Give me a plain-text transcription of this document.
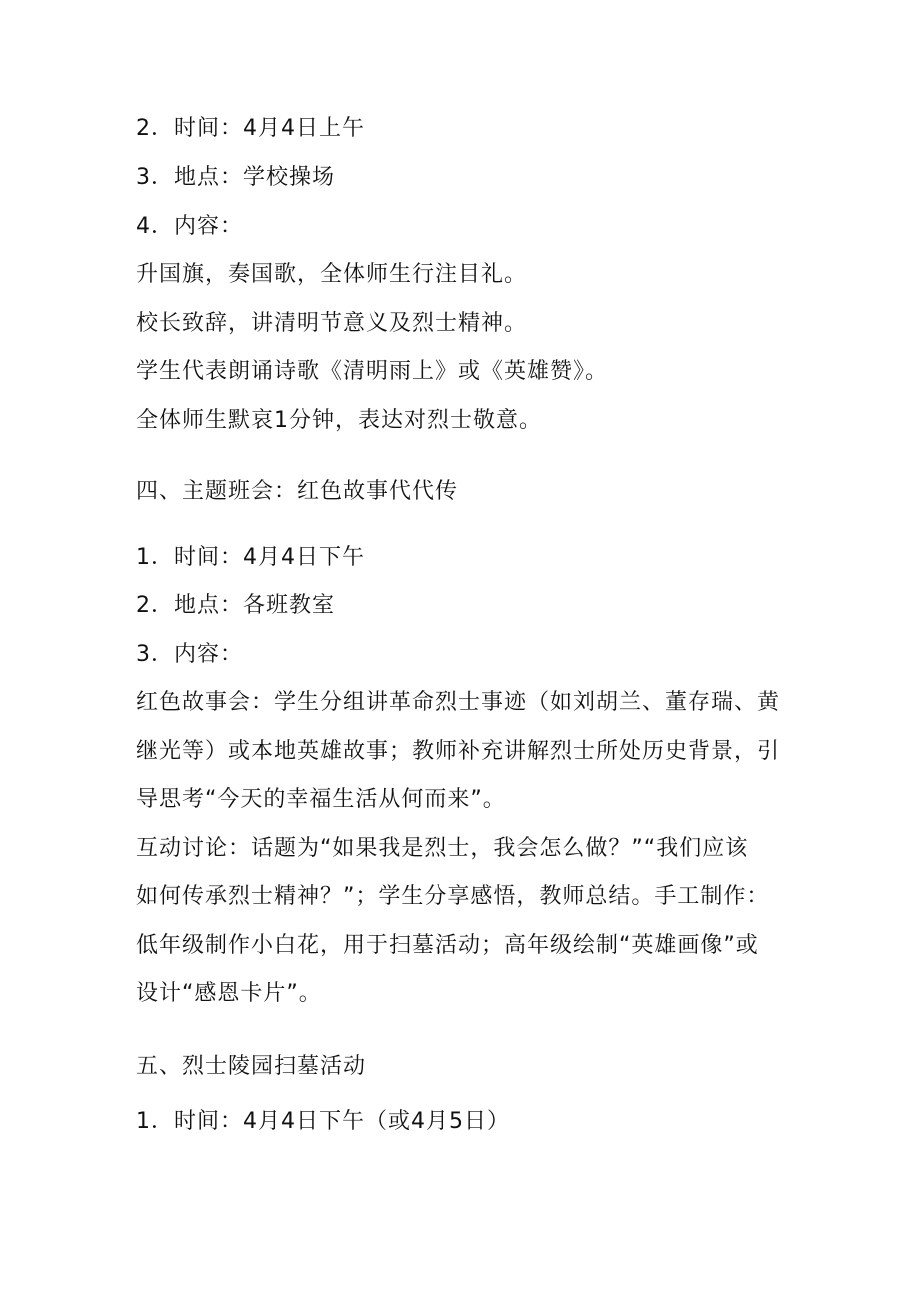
2．时间：4月4日上午
3．地点：学校操场
4．内容：
升国旗，奏国歌，全体师生行注目礼。
校长致辞，讲清明节意义及烈士精神。
学生代表朗诵诗歌《清明雨上》或《英雄赞》。
全体师生默哀1分钟，表达对烈士敬意。
四、主题班会：红色故事代代传
1．时间：4月4日下午
2．地点：各班教室
3．内容：
红色故事会：学生分组讲革命烈士事迹（如刘胡兰、董存瑞、黄
继光等）或本地英雄故事；教师补充讲解烈士所处历史背景，引
导思考“今天的幸福生活从何而来”。
互动讨论：话题为“如果我是烈士，我会怎么做？”“我们应该
如何传承烈士精神？”；学生分享感悟，教师总结。手工制作：
低年级制作小白花，用于扫墓活动；高年级绘制“英雄画像”或
设计“感恩卡片”。
五、烈士陵园扫墓活动
1．时间：4月4日下午（或4月5日）
